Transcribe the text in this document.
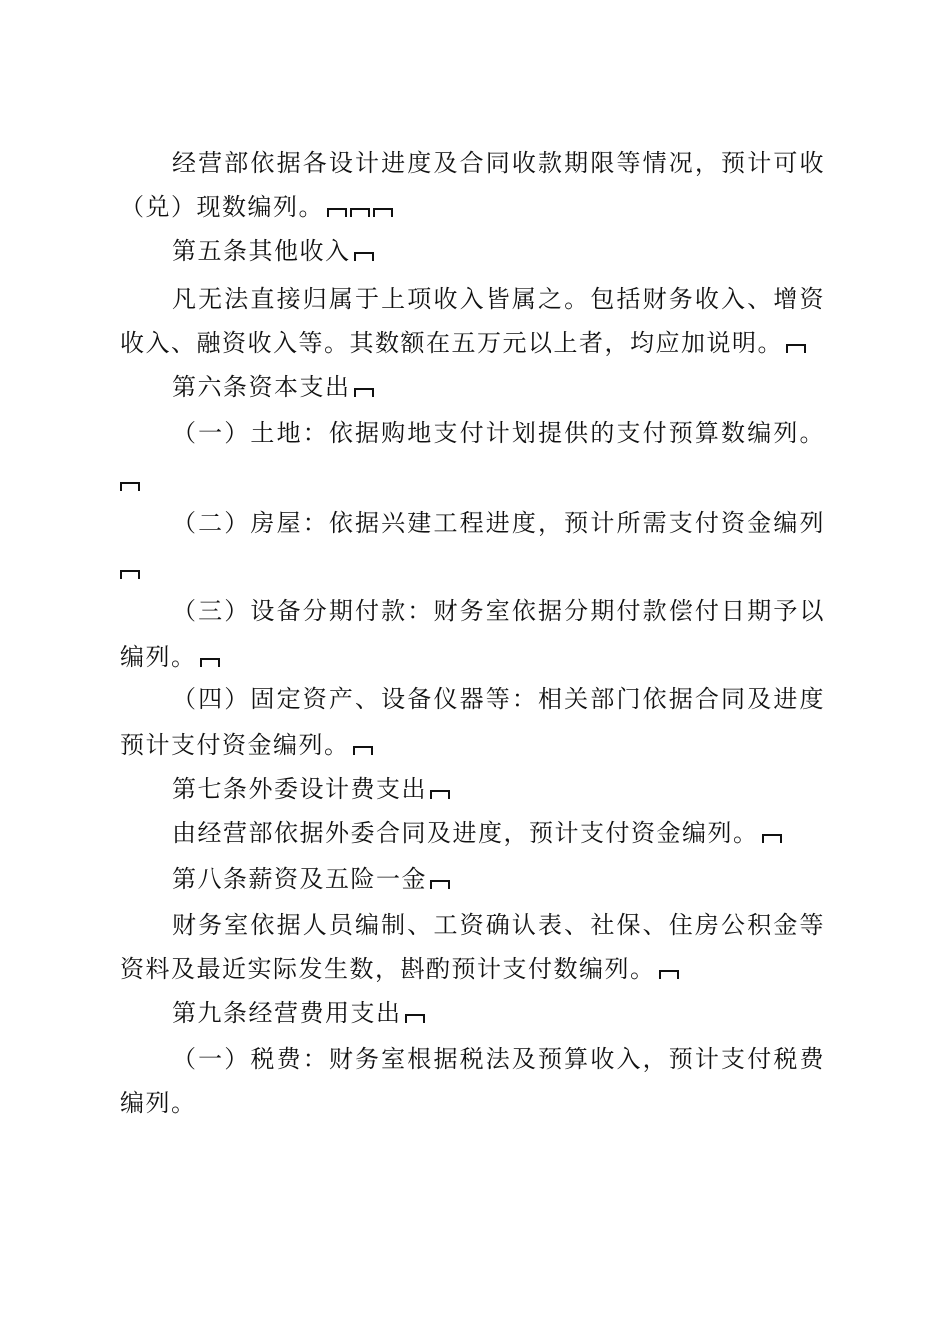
经营部依据各设计进度及合同收款期限等情况，预计可收
（兑）现数编列。
第五条其他收入
凡无法直接归属于上项收入皆属之。包括财务收入、增资
收入、融资收入等。其数额在五万元以上者，均应加说明。
第六条资本支出
（一）土地：依据购地支付计划提供的支付预算数编列。
（二）房屋：依据兴建工程进度，预计所需支付资金编列
（三）设备分期付款：财务室依据分期付款偿付日期予以
编列。
（四）固定资产、设备仪器等：相关部门依据合同及进度
预计支付资金编列。
第七条外委设计费支出
由经营部依据外委合同及进度，预计支付资金编列。
第八条薪资及五险一金
财务室依据人员编制、工资确认表、社保、住房公积金等
资料及最近实际发生数，斟酌预计支付数编列。
第九条经营费用支出
（一）税费：财务室根据税法及预算收入，预计支付税费
编列。
